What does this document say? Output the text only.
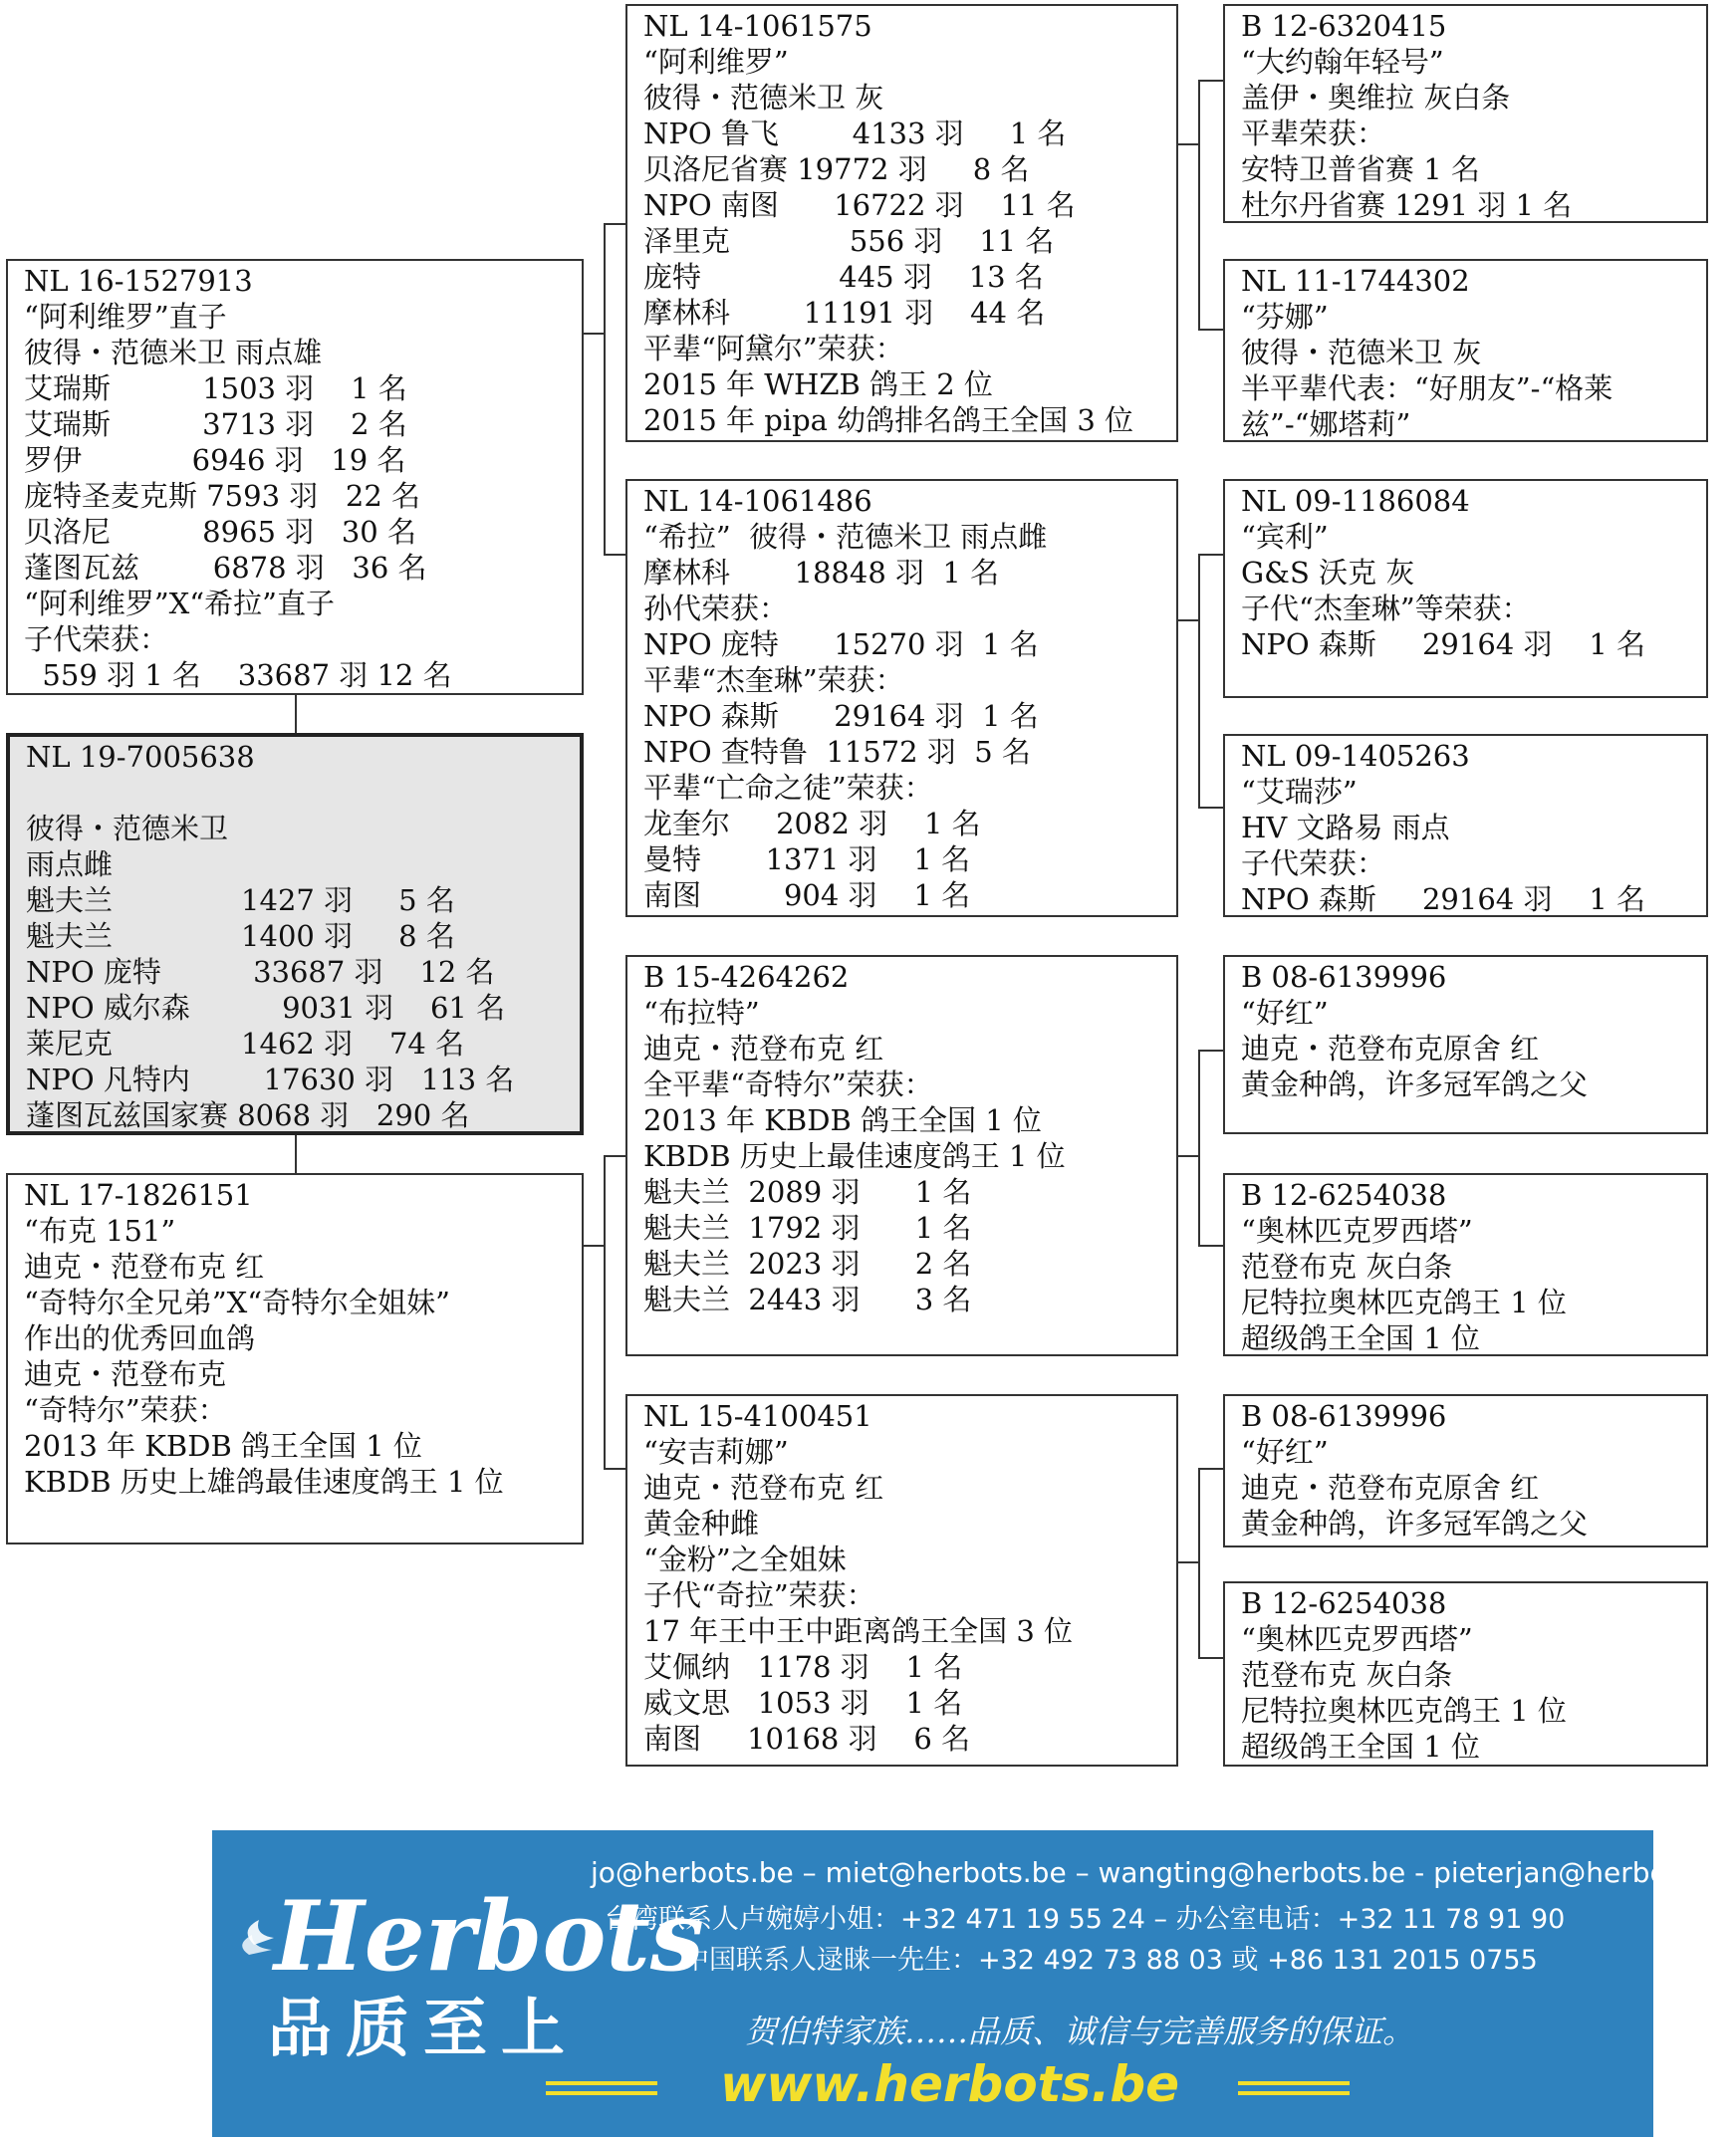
NL 14-1061575
“阿利维罗”
彼得・范德米卫 灰
NPO 鲁飞        4133 羽     1 名
贝洛尼省赛 19772 羽     8 名
NPO 南图      16722 羽    11 名
泽里克             556 羽    11 名
庞特               445 羽    13 名
摩林科        11191 羽    44 名
平辈“阿黛尔”荣获：
2015 年 WHZB 鸽王 2 位
2015 年 pipa 幼鸽排名鸽王全国 3 位
B 12-6320415
“大约翰年轻号”
盖伊・奥维拉 灰白条
平辈荣获：
安特卫普省赛 1 名
杜尔丹省赛 1291 羽 1 名
NL 11-1744302
“芬娜”
彼得・范德米卫 灰
半平辈代表：“好朋友”-“格莱
兹”-“娜塔莉”
NL 16-1527913
“阿利维罗”直子
彼得・范德米卫 雨点雄
艾瑞斯          1503 羽    1 名
艾瑞斯          3713 羽    2 名
罗伊            6946 羽   19 名
庞特圣麦克斯 7593 羽   22 名
贝洛尼          8965 羽   30 名
蓬图瓦兹        6878 羽   36 名
“阿利维罗”X“希拉”直子
子代荣获：
559 羽 1 名    33687 羽 12 名
NL 14-1061486
“希拉”  彼得・范德米卫 雨点雌
摩林科       18848 羽  1 名
孙代荣获：
NPO 庞特      15270 羽  1 名
平辈“杰奎琳”荣获：
NPO 森斯      29164 羽  1 名
NPO 查特鲁  11572 羽  5 名
平辈“亡命之徒”荣获：
龙奎尔     2082 羽    1 名
曼特       1371 羽    1 名
南图         904 羽    1 名
NL 09-1186084
“宾利”
G&S 沃克 灰
子代“杰奎琳”等荣获：
NPO 森斯     29164 羽    1 名
NL 09-1405263
“艾瑞莎”
HV 文路易 雨点
子代荣获：
NPO 森斯     29164 羽    1 名
NL 19-7005638
彼得・范德米卫
雨点雌
魁夫兰              1427 羽     5 名
魁夫兰              1400 羽     8 名
NPO 庞特          33687 羽    12 名
NPO 威尔森          9031 羽    61 名
莱尼克              1462 羽    74 名
NPO 凡特内        17630 羽   113 名
蓬图瓦兹国家赛 8068 羽   290 名
B 15-4264262
“布拉特”
迪克・范登布克 红
全平辈“奇特尔”荣获：
2013 年 KBDB 鸽王全国 1 位
KBDB 历史上最佳速度鸽王 1 位
魁夫兰  2089 羽      1 名
魁夫兰  1792 羽      1 名
魁夫兰  2023 羽      2 名
魁夫兰  2443 羽      3 名
B 08-6139996
“好红”
迪克・范登布克原舍 红
黄金种鸽，许多冠军鸽之父
B 12-6254038
“奥林匹克罗西塔”
范登布克 灰白条
尼特拉奥林匹克鸽王 1 位
超级鸽王全国 1 位
NL 17-1826151
“布克 151”
迪克・范登布克 红
“奇特尔全兄弟”X“奇特尔全姐妹”
作出的优秀回血鸽
迪克・范登布克
“奇特尔”荣获：
2013 年 KBDB 鸽王全国 1 位
KBDB 历史上雄鸽最佳速度鸽王 1 位
NL 15-4100451
“安吉莉娜”
迪克・范登布克 红
黄金种雌
“金粉”之全姐妹
子代“奇拉”荣获：
17 年王中王中距离鸽王全国 3 位
艾佩纳   1178 羽    1 名
威文思   1053 羽    1 名
南图     10168 羽    6 名
B 08-6139996
“好红”
迪克・范登布克原舍 红
黄金种鸽，许多冠军鸽之父
B 12-6254038
“奥林匹克罗西塔”
范登布克 灰白条
尼特拉奥林匹克鸽王 1 位
超级鸽王全国 1 位
Herbots
品质至上
jo@herbots.be – miet@herbots.be – wangting@herbots.be - pieterjan@herbots.be
台湾联系人卢婉婷小姐：+32 471 19 55 24 – 办公室电话：+32 11 78 91 90
中国联系人逯睐一先生：+32 492 73 88 03 或 +86 131 2015 0755
贺伯特家族……品质、诚信与完善服务的保证。
www.herbots.be
